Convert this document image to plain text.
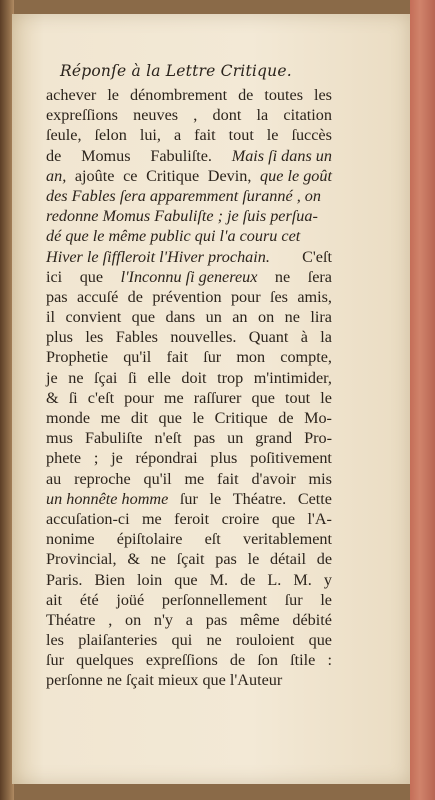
Réponſe à la Lettre Critique.
achever le dénombrement de toutes les
expreſſions neuves , dont la citation
ſeule, ſelon lui, a fait tout le ſuccès
de Momus Fabuliſte. Mais ſi dans un
an, ajoûte ce Critique Devin, que le goût
des Fables ſera apparemment ſuranné , on
redonne Momus Fabuliſte ; je ſuis perſua-
dé que le même public qui l'a couru cet
Hiver le ſiffleroit l'Hiver prochain. C'eſt
ici que l'Inconnu ſi genereux ne ſera
pas accuſé de prévention pour ſes amis,
il convient que dans un an on ne lira
plus les Fables nouvelles. Quant à la
Prophetie qu'il fait ſur mon compte,
je ne ſçai ſi elle doit trop m'intimider,
& ſi c'eſt pour me raſſurer que tout le
monde me dit que le Critique de Mo-
mus Fabuliſte n'eſt pas un grand Pro-
phete ; je répondrai plus poſitivement
au reproche qu'il me fait d'avoir mis
un honnête homme ſur le Théatre. Cette
accuſation-ci me feroit croire que l'A-
nonime épiſtolaire eſt veritablement
Provincial, & ne ſçait pas le détail de
Paris. Bien loin que M. de L. M. y
ait été joüé perſonnellement ſur le
Théatre , on n'y a pas même débité
les plaiſanteries qui ne rouloient que
ſur quelques expreſſions de ſon ſtile :
perſonne
ne
ſçait
mieux
que
l'Auteur
